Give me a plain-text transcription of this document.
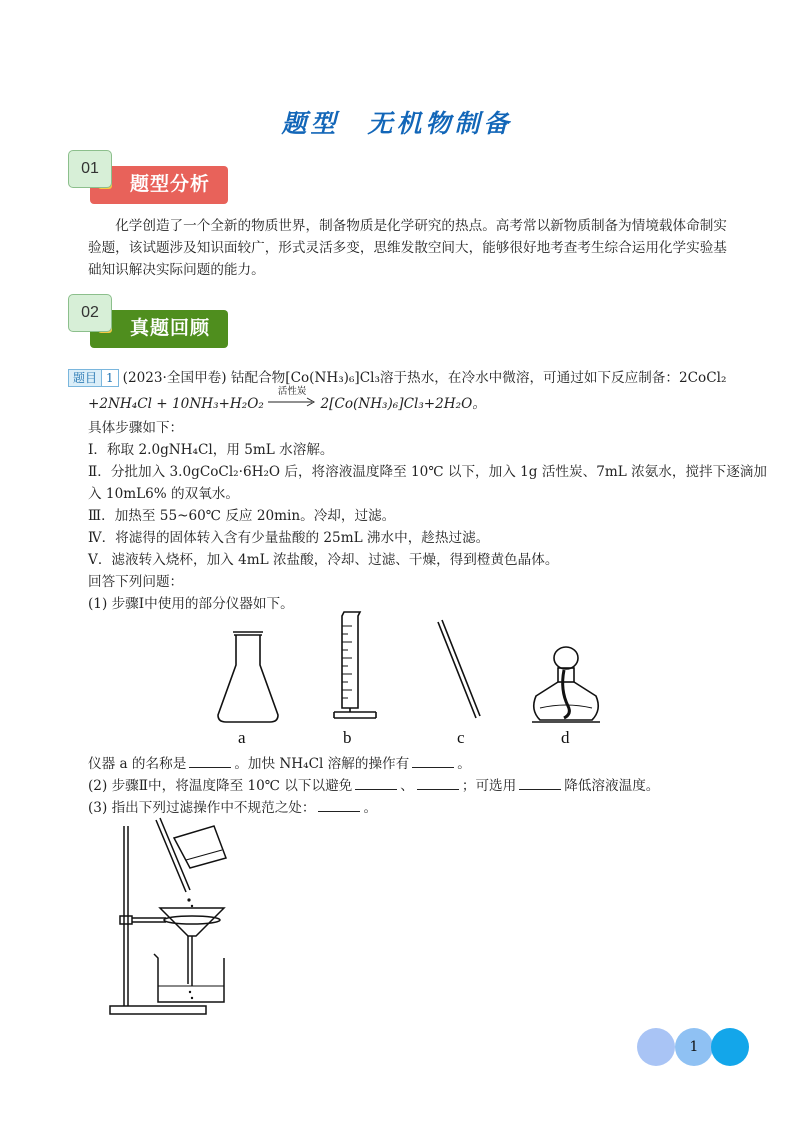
题型 无机物制备
01
题型分析
化学创造了一个全新的物质世界，制备物质是化学研究的热点。高考常以新物质制备为情境载体命制实验题，该试题涉及知识面较广，形式灵活多变，思维发散空间大，能够很好地考查考生综合运用化学实验基础知识解决实际问题的能力。
02
真题回顾
题目 1 (2023·全国甲卷) 钴配合物[Co(NH₃)₆]Cl₃溶于热水，在冷水中微溶，可通过如下反应制备：2CoCl₂
+2NH₄Cl + 10NH₃+H₂O₂
活性炭
2[Co(NH₃)₆]Cl₃+2H₂O。
具体步骤如下：
Ⅰ．称取 2.0gNH₄Cl，用 5mL 水溶解。
Ⅱ．分批加入 3.0gCoCl₂·6H₂O 后，将溶液温度降至 10℃ 以下，加入 1g 活性炭、7mL 浓氨水，搅拌下逐滴加
入 10mL6% 的双氧水。
Ⅲ．加热至 55~60℃ 反应 20min。冷却，过滤。
Ⅳ．将滤得的固体转入含有少量盐酸的 25mL 沸水中，趁热过滤。
Ⅴ．滤液转入烧杯，加入 4mL 浓盐酸，冷却、过滤、干燥，得到橙黄色晶体。
回答下列问题：
(1) 步骤Ⅰ中使用的部分仪器如下。
a	b	c	d
仪器 a 的名称是	。加快 NH₄Cl 溶解的操作有	。
(2) 步骤Ⅱ中，将温度降至 10℃ 以下以避免	、	；可选用	降低溶液温度。
(3) 指出下列过滤操作中不规范之处：	。
1
